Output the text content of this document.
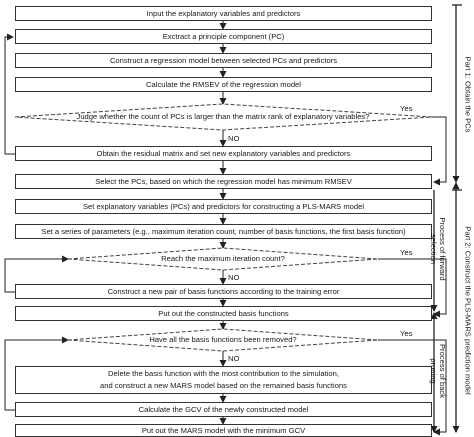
Input the explanatory variables and predictors
Exctract a principle component (PC)
Construct a regression model between selected PCs and predictors
Calculate the RMSEV of the regression model
Judge whether the count of PCs is larger than the matrix rank of explanatory variables?
Obtain the residual matrix and set new explanatory variables and predictors
Select the PCs, based on which the regression model has minimum RMSEV
Set explanatory variables (PCs) and predictors for constructing a PLS-MARS model
Set a series of parameters (e.g., maximum iteration count, number of basis functions, the first basis function)
Reach the maximum iteration count?
Construct a new pair of basis functions according to the training error
Put out the constructed basis functions
Have all the basis functions been removed?
Delete the basis function with the most contribution to the simulation,
and construct a new MARS model based on the remained basis functions
Calculate the GCV of the newly constructed model
Put out the MARS model with the minimum GCV
Yes
NO
Yes
NO
Yes
NO
Part 1: Obtain the PCs
Part 2: Construct the PLS-MARS prediction model
Process of forward
selection
Process of back
pruning
